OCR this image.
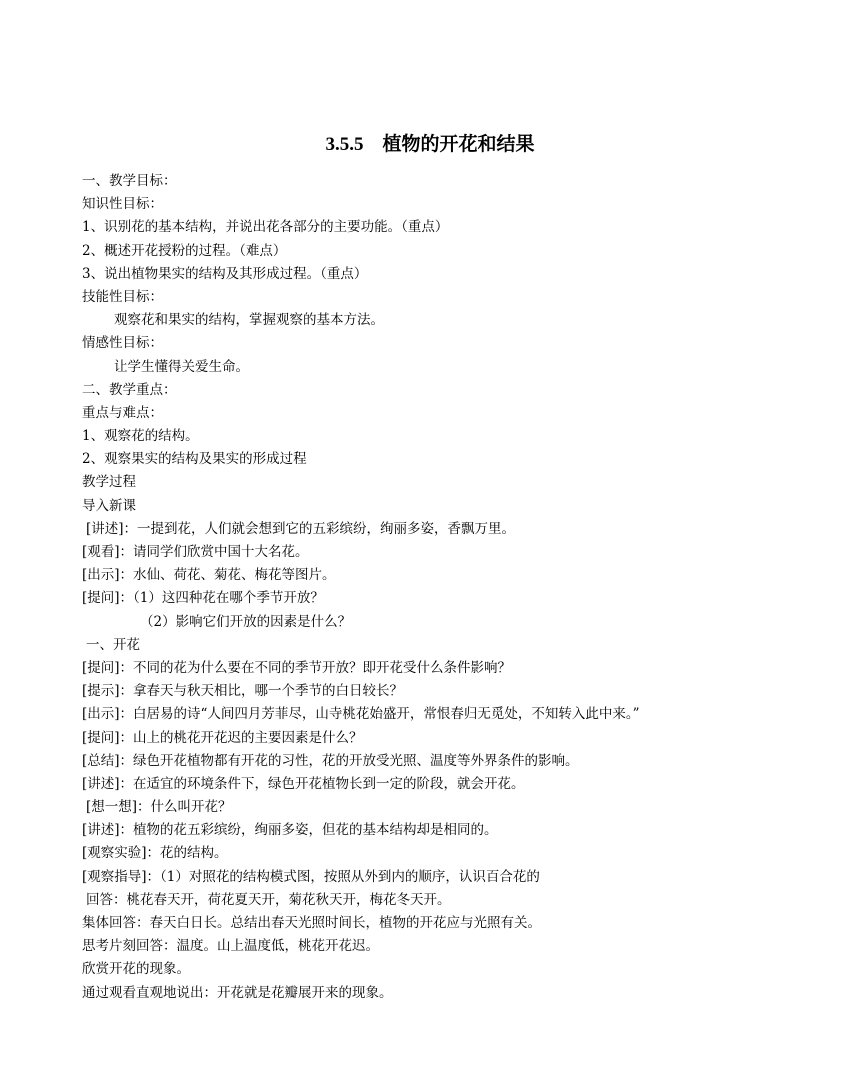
3.5.5　植物的开花和结果
一、教学目标：
知识性目标：
1、识别花的基本结构，并说出花各部分的主要功能。（重点）
2、概述开花授粉的过程。（难点）
3、说出植物果实的结构及其形成过程。（重点）
技能性目标：
观察花和果实的结构，掌握观察的基本方法。
情感性目标：
让学生懂得关爱生命。
二、教学重点：
重点与难点：
1、观察花的结构。
2、观察果实的结构及果实的形成过程
教学过程
导入新课
[讲述]：一提到花，人们就会想到它的五彩缤纷，绚丽多姿，香飘万里。
[观看]：请同学们欣赏中国十大名花。
[出示]：水仙、荷花、菊花、梅花等图片。
[提问]：（1）这四种花在哪个季节开放？
（2）影响它们开放的因素是什么？
一、开花
[提问]：不同的花为什么要在不同的季节开放？即开花受什么条件影响？
[提示]：拿春天与秋天相比，哪一个季节的白日较长？
[出示]：白居易的诗“人间四月芳菲尽，山寺桃花始盛开，常恨春归无觅处，不知转入此中来。”
[提问]：山上的桃花开花迟的主要因素是什么？
[总结]：绿色开花植物都有开花的习性，花的开放受光照、温度等外界条件的影响。
[讲述]：在适宜的环境条件下，绿色开花植物长到一定的阶段，就会开花。
[想一想]：什么叫开花？
[讲述]：植物的花五彩缤纷，绚丽多姿，但花的基本结构却是相同的。
[观察实验]：花的结构。
[观察指导]：（1）对照花的结构模式图，按照从外到内的顺序，认识百合花的
回答：桃花春天开，荷花夏天开，菊花秋天开，梅花冬天开。
集体回答：春天白日长。总结出春天光照时间长，植物的开花应与光照有关。
思考片刻回答：温度。山上温度低，桃花开花迟。
欣赏开花的现象。
通过观看直观地说出：开花就是花瓣展开来的现象。
